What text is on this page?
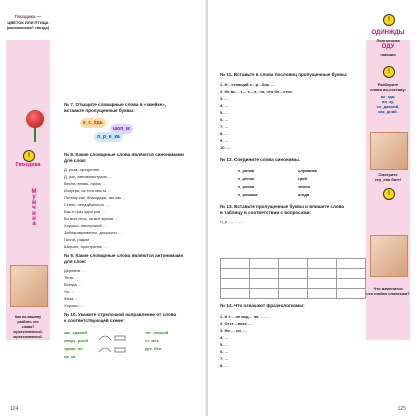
Гвоздика —
ЦВЕТОК ИЛИ ПТИЦА
(колокольчик? гвоздь)
!
Гвоздика
М
у
ж
ч
и
н
а
Как по-вашему
разбить эти
слова?
мужественный,
мужественный.
№ 7. Отыщите словарные слова в «змейке»,
вставьте пропущенные буквы:
к_с_ёдь
шоп_м
л_р_е_ка
№ 8. Какие словарные слова являются синонимами
для слов:
Д. роза, прозрение …
Д. рок, автомагистраль …
Весна, вновь, прочь …
Изнутри, из того места …
Потому как, благодаря, так как …
Сталь, ненадёжность …
Как-то раз одно раз …
Во всю ночь, за всё время …
Хорошо, наилучший …
Заблаговременно, досрочно …
Почти, рядом …
Широко, пространно …
№ 9. Какие словарные слова являются антонимами
для слов:
Деревня …
Тела …
Всегда …
Уж …
Фаза …
Хорошо …
№ 10. Укажите стрелочкой направление от слова
к соответствующей схеме:
зас_сданий
сверх_ртый
трапп_ля
пр_ка
тог_тичный
ст_мёк
уре_бен
124
№ 11. Вставьте в слова пословиц пропущенные буквы:
1. Н…стоящий к…р…бль …
2. Не вс… т… з…л…то, что бл…стит.
3. …
4. …
5. …
6. …
7. …
8. …
9. …
10. …
№ 12. Соедините слова синонимы.
ч_ринка
ч_рёнок
ч_рника
ч_рнишка
служанка
гриб
земля
ягода
№ 13. Вставьте пропущенные буквы и впишите слова
в таблицу в соответствии с вопросами:
Ч_р…., …, …

№ 14. Что означают фразеологизмы:
1. И т… не вод… на … …
2. Отст…вить …
3. Ни … ни …
4. …
5. …
6. …
7. …
8. …
!
ОДИНЖДЫ
Лонгоносая
ОДУ
напиши
!
Разберите
слова по-составу:
вс_гда,
вн_зу,
сл_давний,
как_дний.
Смотрите
гер_ева батт!
!
Что изменится
что любая словесам?
125
